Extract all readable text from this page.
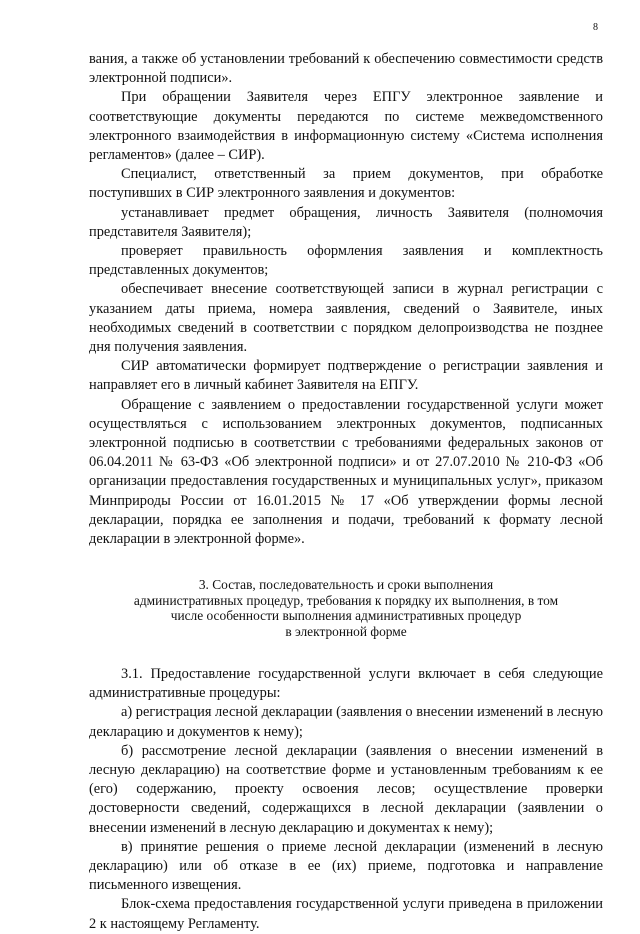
8

вания, а также об установлении требований к обеспечению совместимости средств электронной подписи».

При обращении Заявителя через ЕПГУ электронное заявление и соответствующие документы передаются по системе межведомственного электронного взаимодействия в информационную систему «Система исполнения регламентов» (далее – СИР).

Специалист, ответственный за прием документов, при обработке поступивших в СИР электронного заявления и документов:

устанавливает предмет обращения, личность Заявителя (полномочия представителя Заявителя);

проверяет правильность оформления заявления и комплектность представленных документов;

обеспечивает внесение соответствующей записи в журнал регистрации с указанием даты приема, номера заявления, сведений о Заявителе, иных необходимых сведений в соответствии с порядком делопроизводства не позднее дня получения заявления.

СИР автоматически формирует подтверждение о регистрации заявления и направляет его в личный кабинет Заявителя на ЕПГУ.

Обращение с заявлением о предоставлении государственной услуги может осуществляться с использованием электронных документов, подписанных электронной подписью в соответствии с требованиями федеральных законов от 06.04.2011 № 63-ФЗ «Об электронной подписи» и от 27.07.2010 № 210-ФЗ «Об организации предоставления государственных и муниципальных услуг», приказом Минприроды России от 16.01.2015 № 17 «Об утверждении формы лесной декларации, порядка ее заполнения и подачи, требований к формату лесной декларации в электронной форме».

3. Состав, последовательность и сроки выполнения
административных процедур, требования к порядку их выполнения, в том
числе особенности выполнения административных процедур
в электронной форме

3.1. Предоставление государственной услуги включает в себя следующие административные процедуры:

а) регистрация лесной декларации (заявления о внесении изменений в лесную декларацию и документов к нему);

б) рассмотрение лесной декларации (заявления о внесении изменений в лесную декларацию) на соответствие форме и установленным требованиям к ее (его) содержанию, проекту освоения лесов; осуществление проверки достоверности сведений, содержащихся в лесной декларации (заявлении о внесении изменений в лесную декларацию и документах к нему);

в) принятие решения о приеме лесной декларации (изменений в лесную декларацию) или об отказе в ее (их) приеме, подготовка и направление письменного извещения.

Блок-схема предоставления государственной услуги приведена в приложении 2 к настоящему Регламенту.
